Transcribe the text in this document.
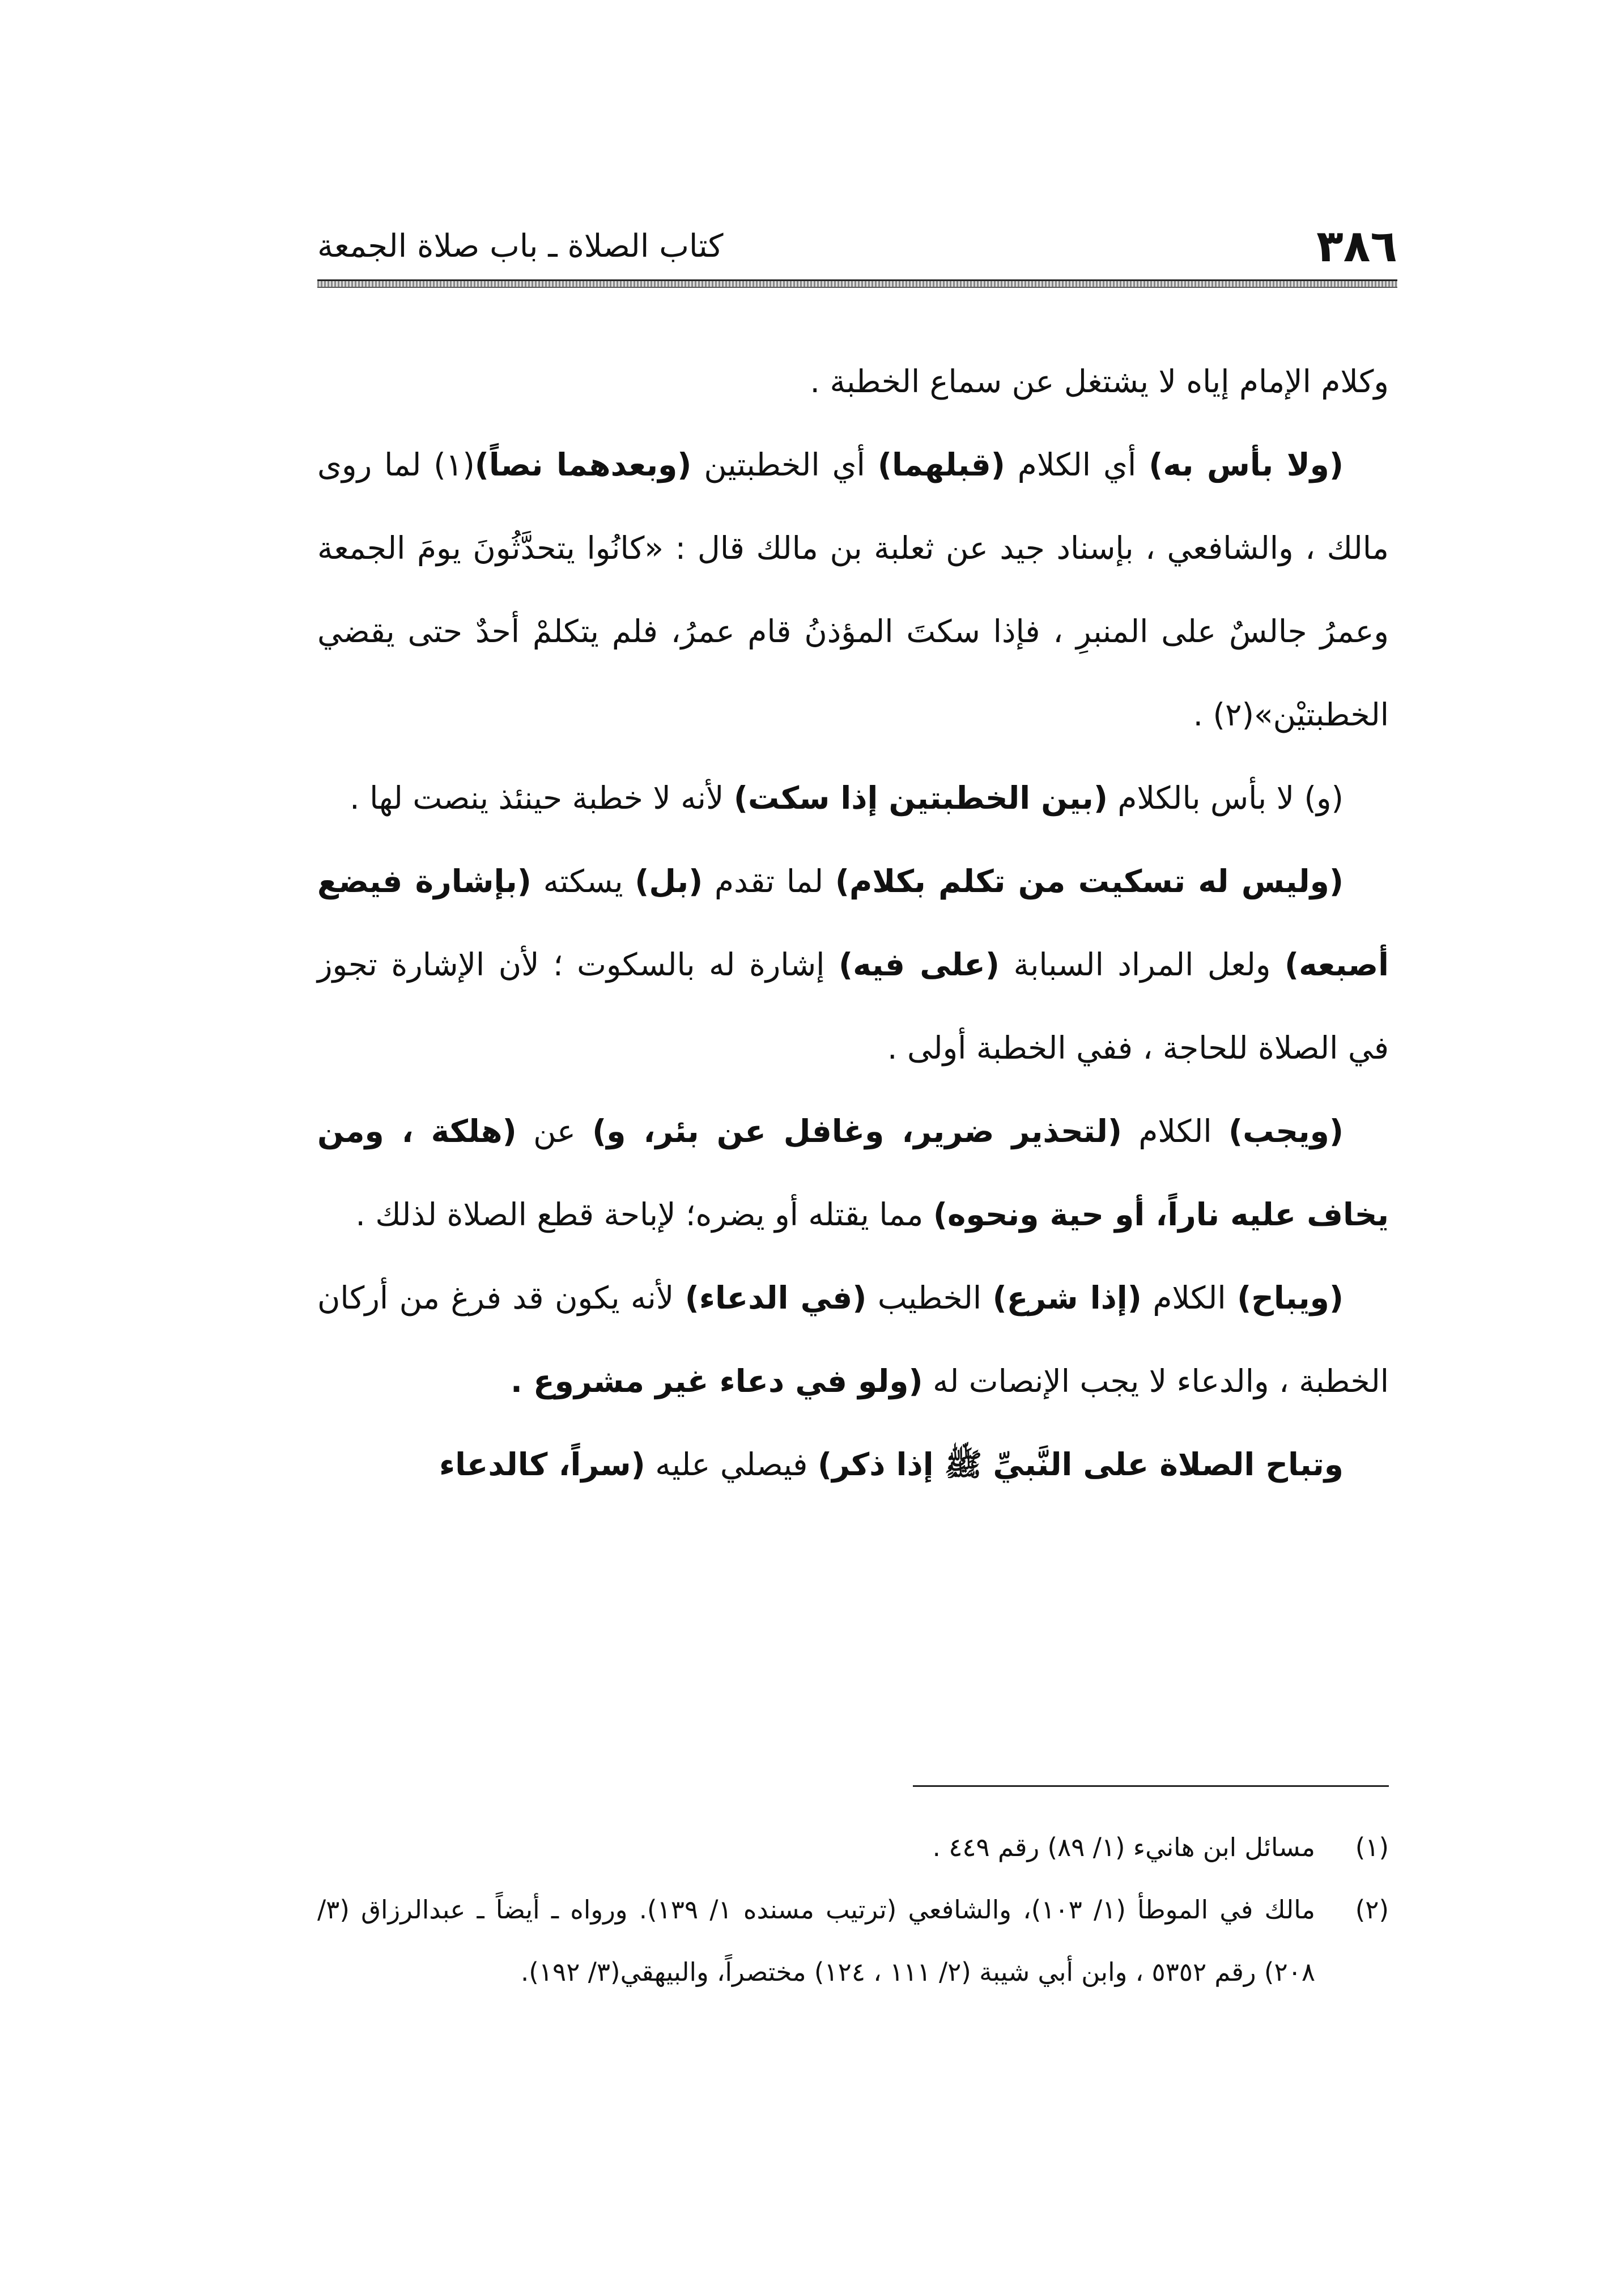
٣٨٦
كتاب الصلاة ـ باب صلاة الجمعة

وكلام الإمام إياه لا يشتغل عن سماع الخطبة .

(ولا بأس به) أي الكلام (قبلهما) أي الخطبتين (وبعدهما نصاً)(١) لما روى مالك ، والشافعي ، بإسناد جيد عن ثعلبة بن مالك قال : «كانُوا يتحدَّثُونَ يومَ الجمعة وعمرُ جالسٌ على المنبرِ ، فإذا سكتَ المؤذنُ قام عمرُ، فلم يتكلمْ أحدٌ حتى يقضي الخطبتيْن»(٢) .

(و) لا بأس بالكلام (بين الخطبتين إذا سكت) لأنه لا خطبة حينئذ ينصت لها .

(وليس له تسكيت من تكلم بكلام) لما تقدم (بل) يسكته (بإشارة فيضع أصبعه) ولعل المراد السبابة (على فيه) إشارة له بالسكوت ؛ لأن الإشارة تجوز في الصلاة للحاجة ، ففي الخطبة أولى .

(ويجب) الكلام (لتحذير ضرير، وغافل عن بئر، و) عن (هلكة ، ومن يخاف عليه ناراً، أو حية ونحوه) مما يقتله أو يضره؛ لإباحة قطع الصلاة لذلك .

(ويباح) الكلام (إذا شرع) الخطيب (في الدعاء) لأنه يكون قد فرغ من أركان الخطبة ، والدعاء لا يجب الإنصات له (ولو في دعاء غير مشروع .

وتباح الصلاة على النَّبيِّ ﷺ إذا ذكر) فيصلي عليه (سراً، كالدعاء

(١)
مسائل ابن هانيء (١/ ٨٩) رقم ٤٤٩ .

(٢)
مالك في الموطأ (١/ ١٠٣)، والشافعي (ترتيب مسنده ١/ ١٣٩). ورواه ـ أيضاً ـ عبدالرزاق (٣/ ٢٠٨) رقم ٥٣٥٢ ، وابن أبي شيبة (٢/ ١١١ ، ١٢٤) مختصراً، والبيهقي(٣/ ١٩٢).
